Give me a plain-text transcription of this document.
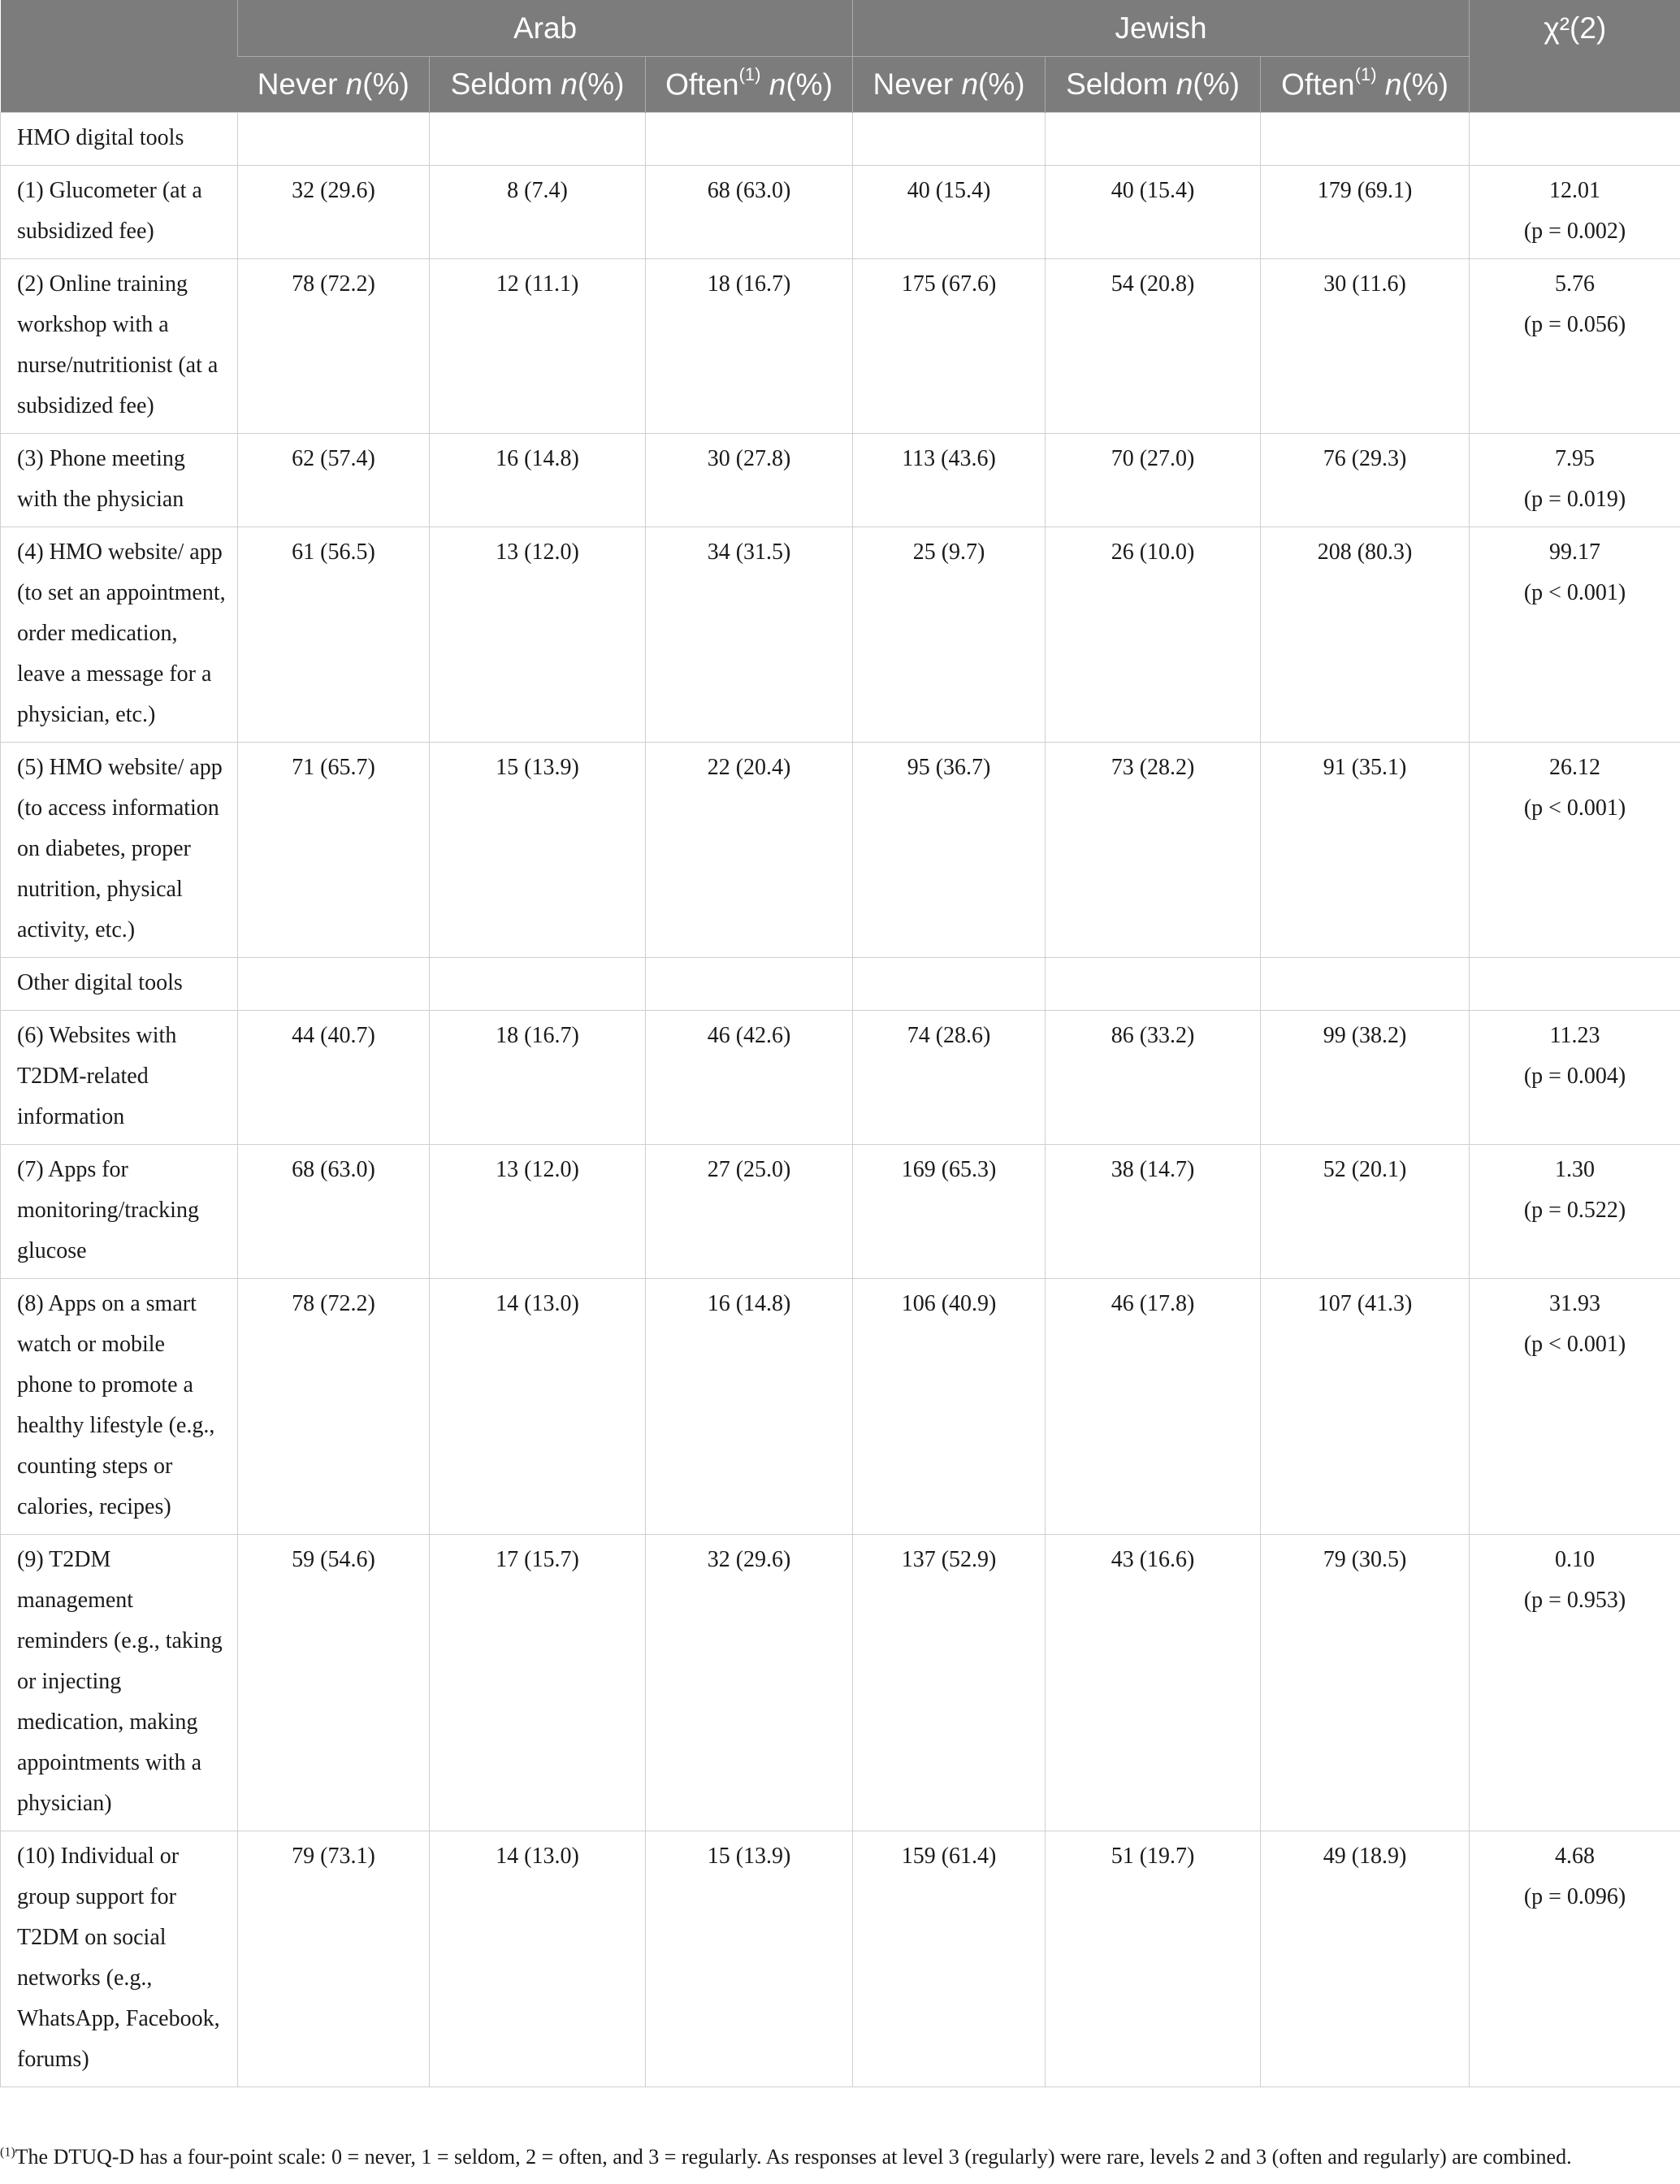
	Arab			Jewish			χ²(2)
	Never n(%)	Seldom n(%)	Often$^{(1)}$ n(%)	Never n(%)	Seldom n(%)	Often$^{(1)}$ n(%)	
HMO digital tools							
(1) Glucometer (at a subsidized fee)	32 (29.6)	8 (7.4)	68 (63.0)	40 (15.4)	40 (15.4)	179 (69.1)	12.01
(p = 0.002)

(2) Online training workshop with a nurse/nutritionist (at a subsidized fee)	78 (72.2)	12 (11.1)	18 (16.7)	175 (67.6)	54 (20.8)	30 (11.6)	5.76
(p = 0.056)

(3) Phone meeting with the physician	62 (57.4)	16 (14.8)	30 (27.8)	113 (43.6)	70 (27.0)	76 (29.3)	7.95
(p = 0.019)

(4) HMO website/ app (to set an appointment, order medication, leave a message for a physician, etc.)	61 (56.5)	13 (12.0)	34 (31.5)	25 (9.7)	26 (10.0)	208 (80.3)	99.17
(p < 0.001)

(5) HMO website/ app (to access information on diabetes, proper nutrition, physical activity, etc.)	71 (65.7)	15 (13.9)	22 (20.4)	95 (36.7)	73 (28.2)	91 (35.1)	26.12
(p < 0.001)

Other digital tools							
(6) Websites with T2DM-related information	44 (40.7)	18 (16.7)	46 (42.6)	74 (28.6)	86 (33.2)	99 (38.2)	11.23
(p = 0.004)

(7) Apps for monitoring/tracking glucose	68 (63.0)	13 (12.0)	27 (25.0)	169 (65.3)	38 (14.7)	52 (20.1)	1.30
(p = 0.522)

(8) Apps on a smart watch or mobile phone to promote a healthy lifestyle (e.g., counting steps or calories, recipes)	78 (72.2)	14 (13.0)	16 (14.8)	106 (40.9)	46 (17.8)	107 (41.3)	31.93
(p < 0.001)

(9) T2DM management reminders (e.g., taking or injecting medication, making appointments with a physician)	59 (54.6)	17 (15.7)	32 (29.6)	137 (52.9)	43 (16.6)	79 (30.5)	0.10
(p = 0.953)

(10) Individual or group support for T2DM on social networks (e.g., WhatsApp, Facebook, forums)	79 (73.1)	14 (13.0)	15 (13.9)	159 (61.4)	51 (19.7)	49 (18.9)	4.68
(p = 0.096)
$^{(1)}$The DTUQ-D has a four-point scale: 0 = never, 1 = seldom, 2 = often, and 3 = regularly. As responses at level 3 (regularly) were rare, levels 2 and 3 (often and regularly) are combined.
